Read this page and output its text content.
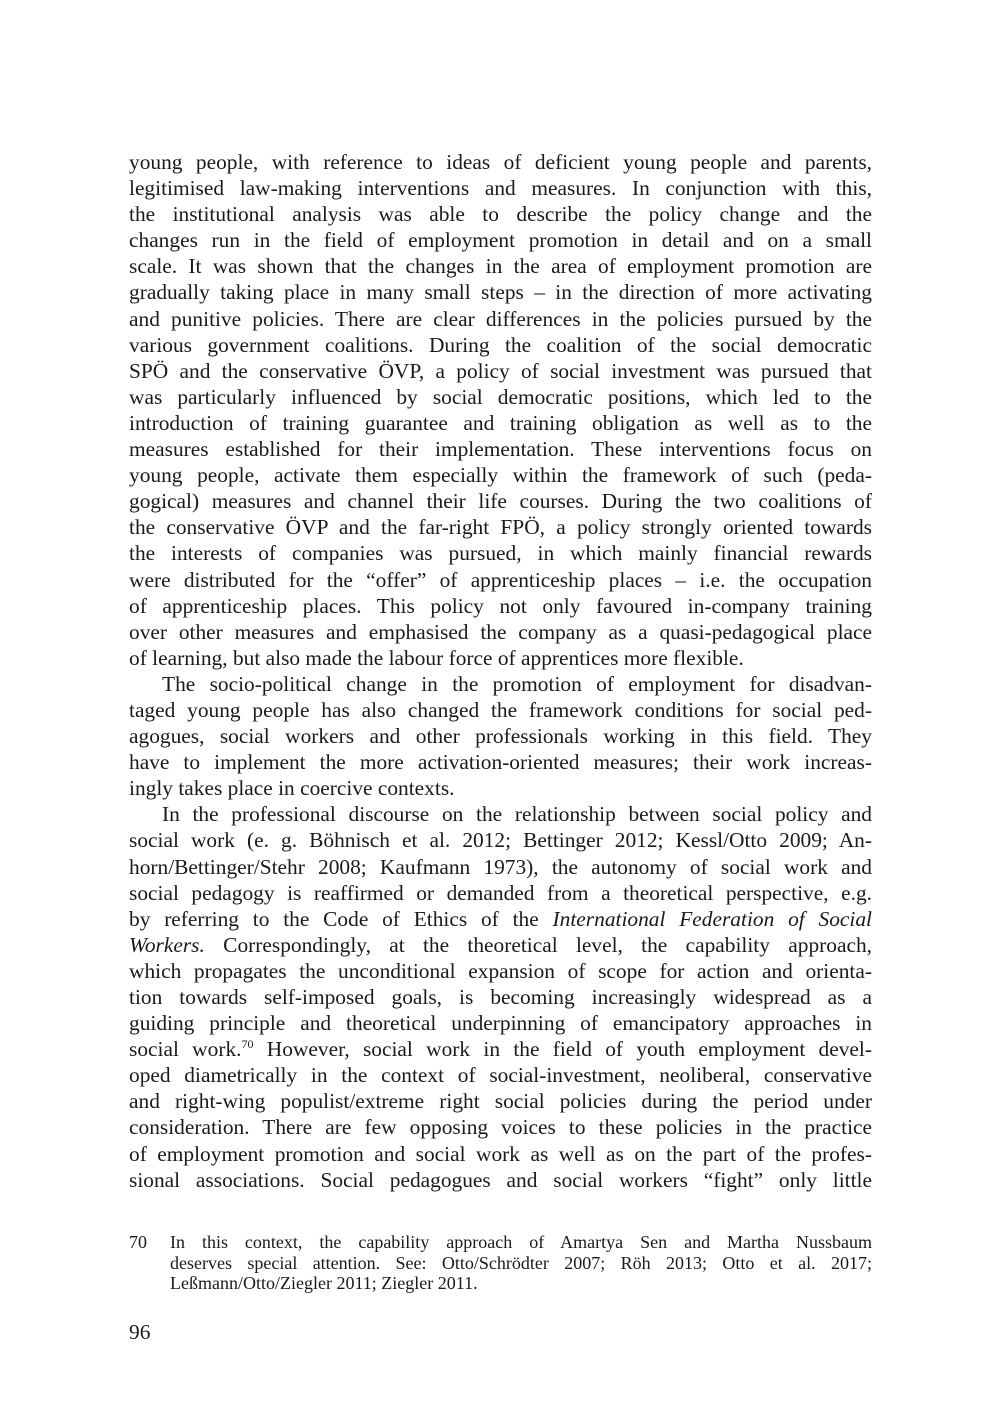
young people, with reference to ideas of deficient young people and parents,
legitimised law-making interventions and measures. In conjunction with this,
the institutional analysis was able to describe the policy change and the
changes run in the field of employment promotion in detail and on a small
scale. It was shown that the changes in the area of employment promotion are
gradually taking place in many small steps – in the direction of more activating
and punitive policies. There are clear differences in the policies pursued by the
various government coalitions. During the coalition of the social democratic
SPÖ and the conservative ÖVP, a policy of social investment was pursued that
was particularly influenced by social democratic positions, which led to the
introduction of training guarantee and training obligation as well as to the
measures established for their implementation. These interventions focus on
young people, activate them especially within the framework of such (peda-
gogical) measures and channel their life courses. During the two coalitions of
the conservative ÖVP and the far-right FPÖ, a policy strongly oriented towards
the interests of companies was pursued, in which mainly financial rewards
were distributed for the “offer” of apprenticeship places – i.e. the occupation
of apprenticeship places. This policy not only favoured in-company training
over other measures and emphasised the company as a quasi-pedagogical place
of learning, but also made the labour force of apprentices more flexible.

The socio-political change in the promotion of employment for disadvan-
taged young people has also changed the framework conditions for social ped-
agogues, social workers and other professionals working in this field. They
have to implement the more activation-oriented measures; their work increas-
ingly takes place in coercive contexts.

In the professional discourse on the relationship between social policy and
social work (e. g. Böhnisch et al. 2012; Bettinger 2012; Kessl/Otto 2009; An-
horn/Bettinger/Stehr 2008; Kaufmann 1973), the autonomy of social work and
social pedagogy is reaffirmed or demanded from a theoretical perspective, e.g.
by referring to the Code of Ethics of the International Federation of Social
Workers. Correspondingly, at the theoretical level, the capability approach,
which propagates the unconditional expansion of scope for action and orienta-
tion towards self-imposed goals, is becoming increasingly widespread as a
guiding principle and theoretical underpinning of emancipatory approaches in
social work.$^{70}$ However, social work in the field of youth employment devel-
oped diametrically in the context of social-investment, neoliberal, conservative
and right-wing populist/extreme right social policies during the period under
consideration. There are few opposing voices to these policies in the practice
of employment promotion and social work as well as on the part of the profes-
sional associations. Social pedagogues and social workers “fight” only little

70	In this context, the capability approach of Amartya Sen and Martha Nussbaum
deserves special attention. See: Otto/Schrödter 2007; Röh 2013; Otto et al. 2017;
Leßmann/Otto/Ziegler 2011; Ziegler 2011.
96
